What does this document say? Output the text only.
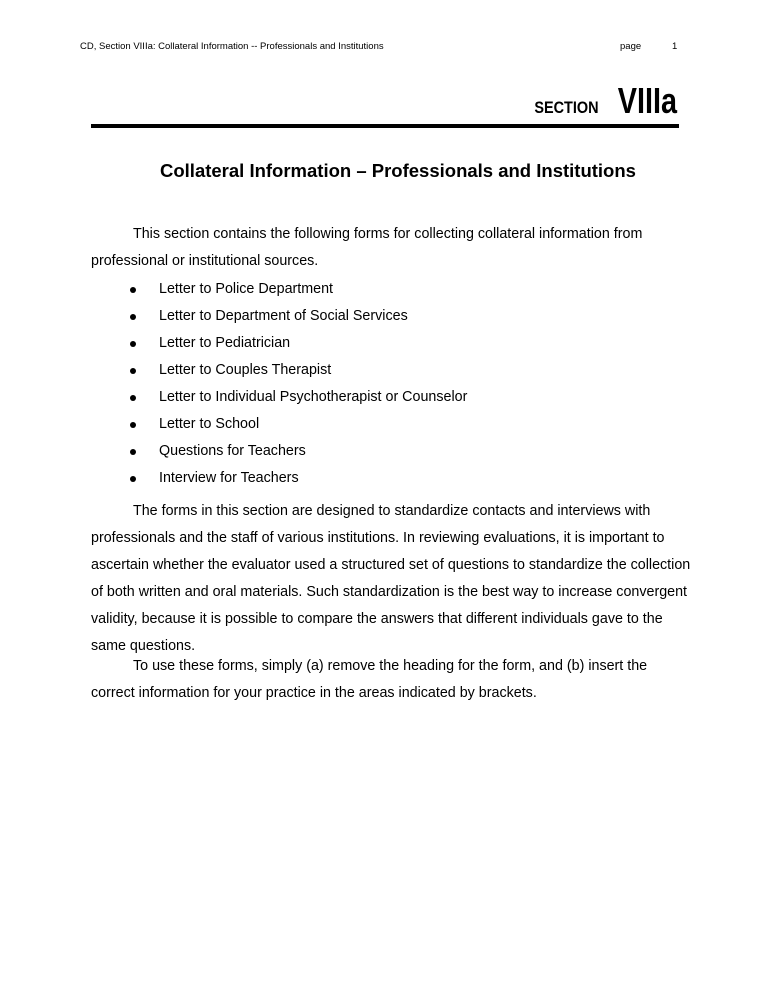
CD, Section VIIIa: Collateral Information -- Professionals and Institutions	page	1
SECTION VIIIa
Collateral Information – Professionals and Institutions

This section contains the following forms for collecting collateral information from professional or institutional sources.

Letter to Police Department
Letter to Department of Social Services
Letter to Pediatrician
Letter to Couples Therapist
Letter to Individual Psychotherapist or Counselor
Letter to School
Questions for Teachers
Interview for Teachers

The forms in this section are designed to standardize contacts and interviews with professionals and the staff of various institutions. In reviewing evaluations, it is important to ascertain whether the evaluator used a structured set of questions to standardize the collection of both written and oral materials. Such standardization is the best way to increase convergent validity, because it is possible to compare the answers that different individuals gave to the same questions.

To use these forms, simply (a) remove the heading for the form, and (b) insert the correct information for your practice in the areas indicated by brackets.
